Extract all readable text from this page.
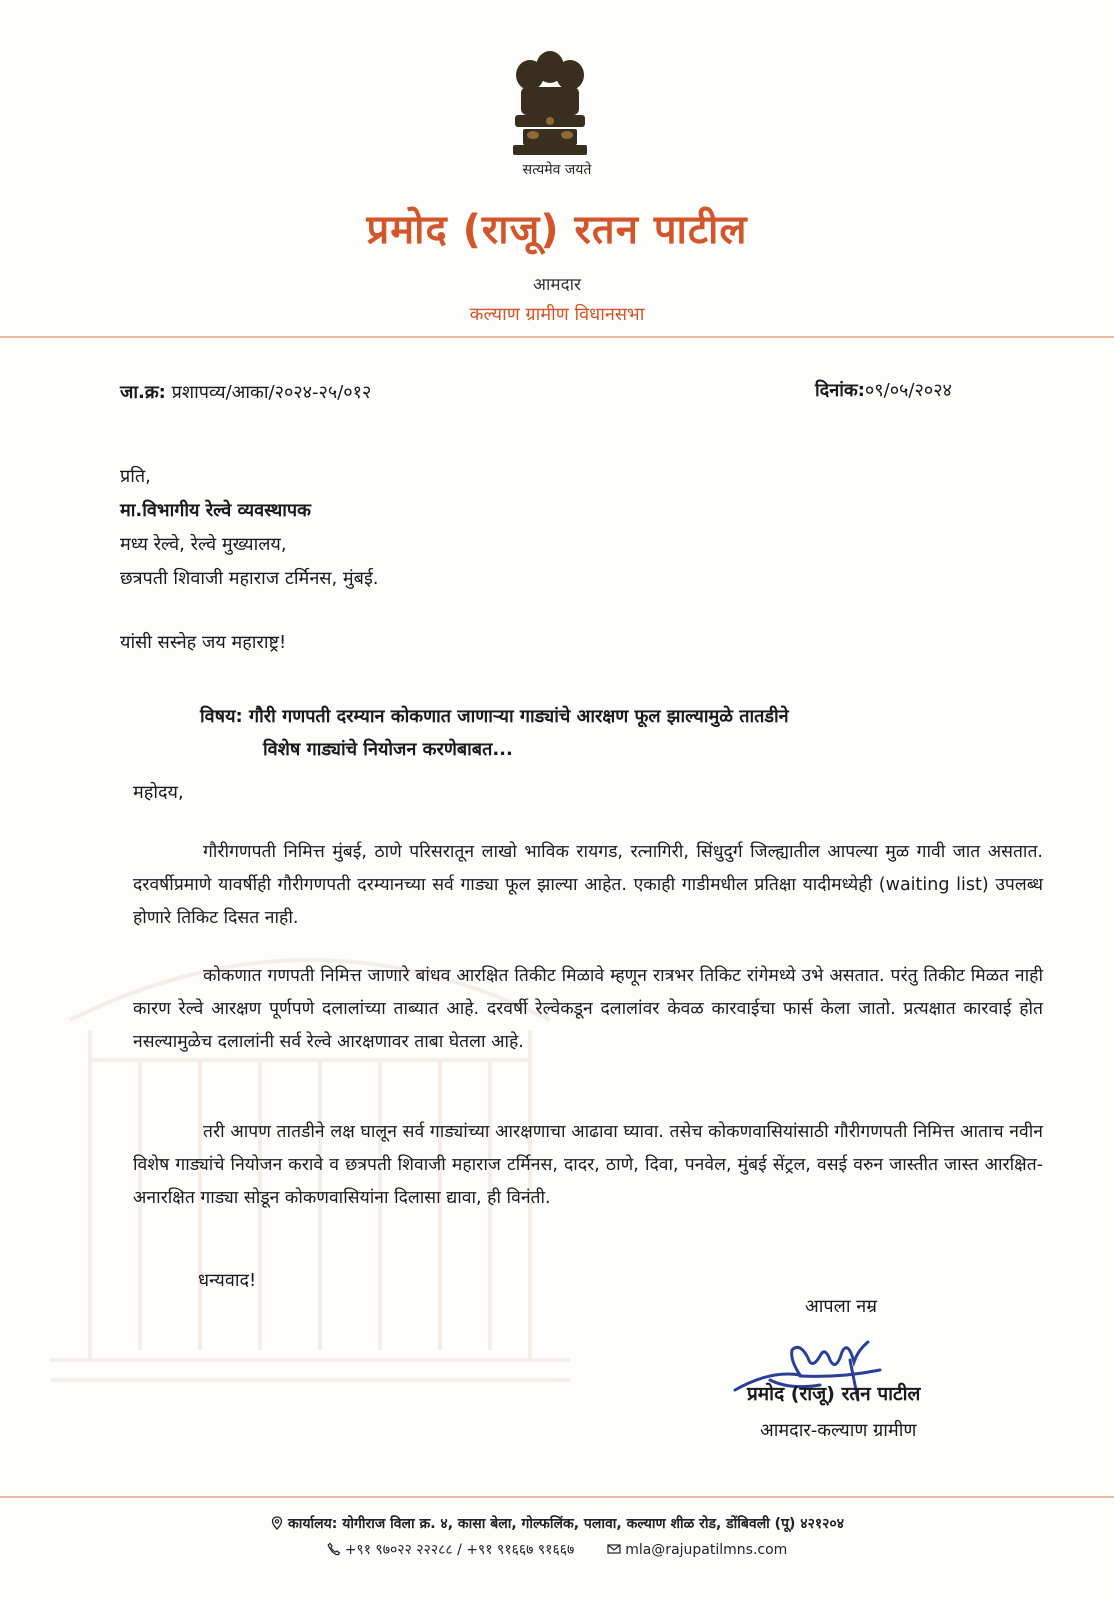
सत्यमेव जयते
प्रमोद (राजू) रतन पाटील
आमदार
कल्याण ग्रामीण विधानसभा
जा.क्र: प्रशापव्य/आका/२०२४-२५/०१२	दिनांक:०९/०५/२०२४
प्रति,
मा.विभागीय रेल्वे व्यवस्थापक
मध्य रेल्वे, रेल्वे मुख्यालय,
छत्रपती शिवाजी महाराज टर्मिनस, मुंबई.
यांसी सस्नेह जय महाराष्ट्र!
विषय: गौरी गणपती दरम्यान कोकणात जाणाऱ्या गाड्यांचे आरक्षण फूल झाल्यामुळे तातडीने
विशेष गाड्यांचे नियोजन करणेबाबत...
महोदय,
गौरीगणपती निमित्त मुंबई, ठाणे परिसरातून लाखो भाविक रायगड, रत्नागिरी, सिंधुदुर्ग जिल्ह्यातील आपल्या मुळ गावी जात असतात. दरवर्षीप्रमाणे यावर्षीही गौरीगणपती दरम्यानच्या सर्व गाड्या फूल झाल्या आहेत. एकाही गाडीमधील प्रतिक्षा यादीमध्येही (waiting list) उपलब्ध होणारे तिकिट दिसत नाही.
कोकणात गणपती निमित्त जाणारे बांधव आरक्षित तिकीट मिळावे म्हणून रात्रभर तिकिट रांगेमध्ये उभे असतात. परंतु तिकीट मिळत नाही कारण रेल्वे आरक्षण पूर्णपणे दलालांच्या ताब्यात आहे. दरवर्षी रेल्वेकडून दलालांवर केवळ कारवाईचा फार्स केला जातो. प्रत्यक्षात कारवाई होत नसल्यामुळेच दलालांनी सर्व रेल्वे आरक्षणावर ताबा घेतला आहे.
तरी आपण तातडीने लक्ष घालून सर्व गाड्यांच्या आरक्षणाचा आढावा घ्यावा. तसेच कोकणवासियांसाठी गौरीगणपती निमित्त आताच नवीन विशेष गाड्यांचे नियोजन करावे व छत्रपती शिवाजी महाराज टर्मिनस, दादर, ठाणे, दिवा, पनवेल, मुंबई सेंट्रल, वसई वरुन जास्तीत जास्त आरक्षित-अनारक्षित गाड्या सोडून कोकणवासियांना दिलासा द्यावा, ही विनंती.
धन्यवाद!
आपला नम्र
प्रमोद (राजू) रतन पाटील
आमदार-कल्याण ग्रामीण
कार्यालय: योगीराज विला क्र. ४, कासा बेला, गोल्फलिंक, पलावा, कल्याण शीळ रोड, डोंबिवली (पू) ४२१२०४
+९१ ९७०२२ २२२८८ / +९१ ९१६६७ ९१६६७	mla@rajupatilmns.com
